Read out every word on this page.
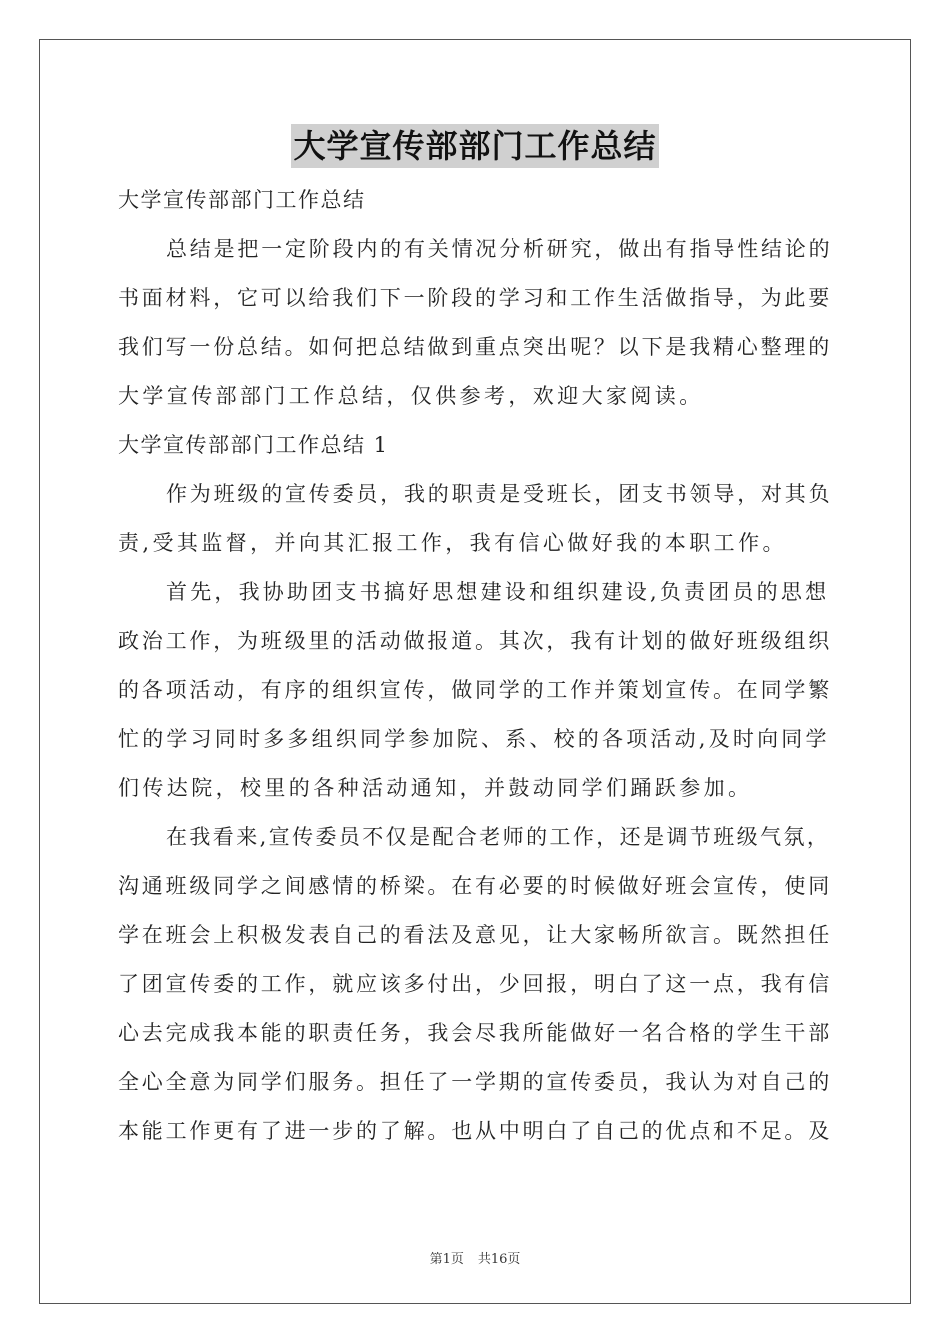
大学宣传部部门工作总结
大学宣传部部门工作总结
总结是把一定阶段内的有关情况分析研究，做出有指导性结论的
书面材料，它可以给我们下一阶段的学习和工作生活做指导，为此要
我们写一份总结。如何把总结做到重点突出呢？以下是我精心整理的
大学宣传部部门工作总结，仅供参考，欢迎大家阅读。
大学宣传部部门工作总结 1
作为班级的宣传委员，我的职责是受班长，团支书领导，对其负
责,受其监督，并向其汇报工作，我有信心做好我的本职工作。
首先，我协助团支书搞好思想建设和组织建设,负责团员的思想
政治工作，为班级里的活动做报道。其次，我有计划的做好班级组织
的各项活动，有序的组织宣传，做同学的工作并策划宣传。在同学繁
忙的学习同时多多组织同学参加院、系、校的各项活动,及时向同学
们传达院，校里的各种活动通知，并鼓动同学们踊跃参加。
在我看来,宣传委员不仅是配合老师的工作，还是调节班级气氛，
沟通班级同学之间感情的桥梁。在有必要的时候做好班会宣传，使同
学在班会上积极发表自己的看法及意见，让大家畅所欲言。既然担任
了团宣传委的工作，就应该多付出，少回报，明白了这一点，我有信
心去完成我本能的职责任务，我会尽我所能做好一名合格的学生干部
全心全意为同学们服务。担任了一学期的宣传委员，我认为对自己的
本能工作更有了进一步的了解。也从中明白了自己的优点和不足。及
第1页 共16页
